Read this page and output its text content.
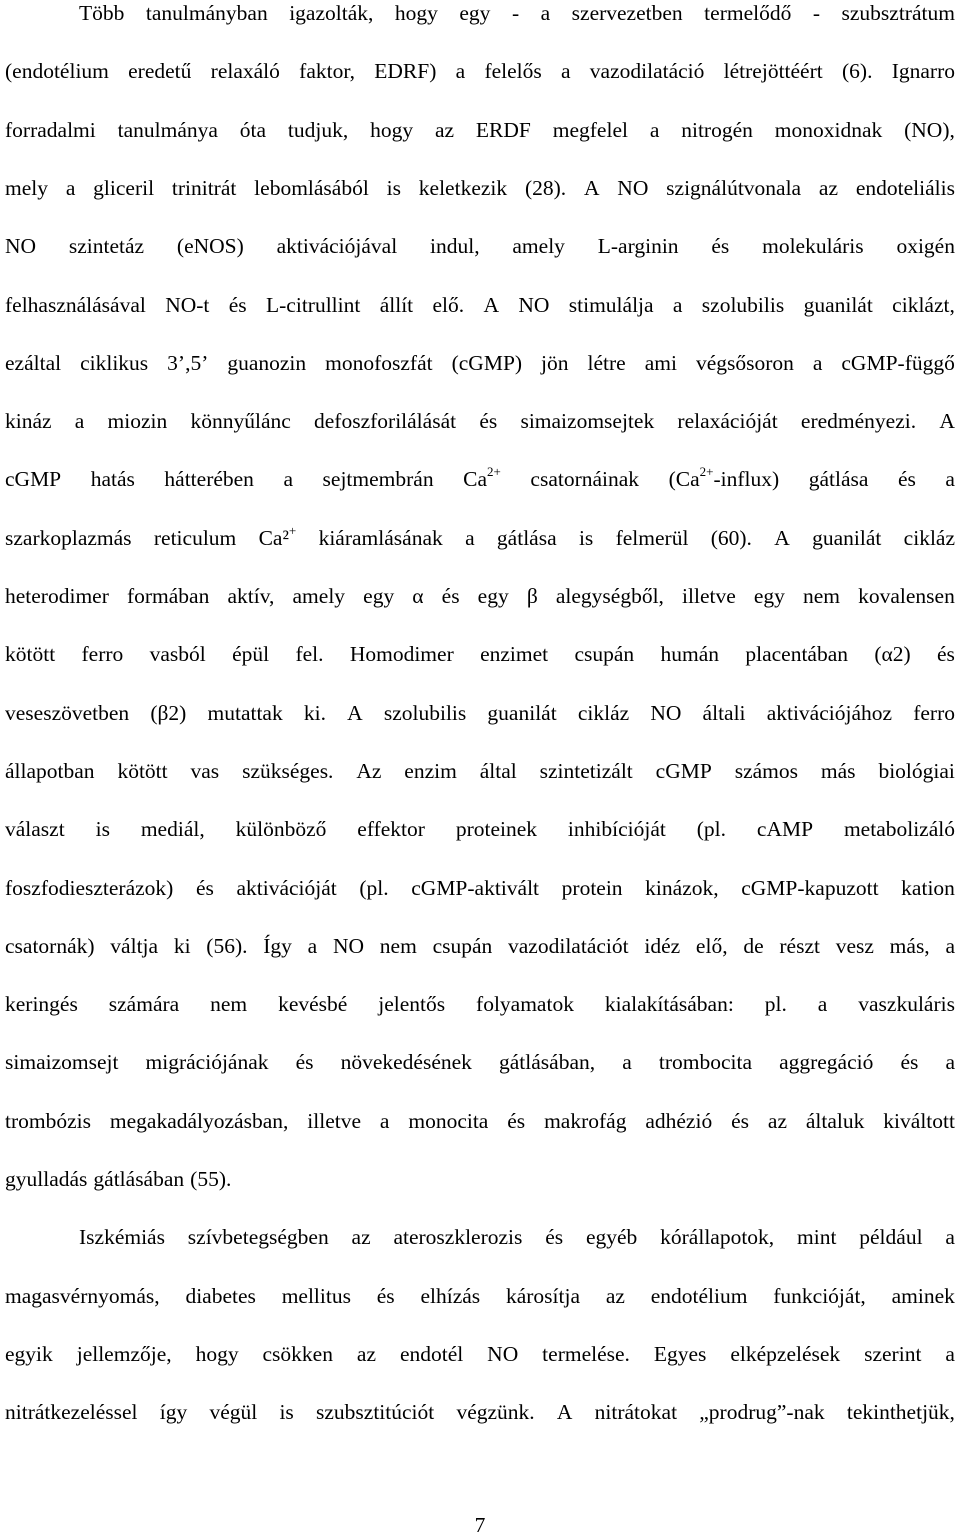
Több tanulmányban igazolták, hogy egy - a szervezetben termelődő - szubsztrátum
(endotélium eredetű relaxáló faktor, EDRF) a felelős a vazodilatáció létrejöttéért (6). Ignarro
forradalmi tanulmánya óta tudjuk, hogy az ERDF megfelel a nitrogén monoxidnak (NO),
mely a gliceril trinitrát lebomlásából is keletkezik (28). A NO szignálútvonala az endoteliális
NO szintetáz (eNOS) aktivációjával indul, amely L-arginin és molekuláris oxigén
felhasználásával NO-t és L-citrullint állít elő. A NO stimulálja a szolubilis guanilát ciklázt,
ezáltal ciklikus 3’,5’ guanozin monofoszfát (cGMP) jön létre ami végsősoron a cGMP-függő
kináz a miozin könnyűlánc defoszforilálását és simaizomsejtek relaxációját eredményezi. A
cGMP hatás hátterében a sejtmembrán $Ca^{2+}$ csatornáinak $(Ca^{2+}-influx)$ gátlása és a
szarkoplazmás reticulum Ca²+ kiáramlásának a gátlása is felmerül (60). A guanilát cikláz
heterodimer formában aktív, amely egy α és egy β alegységből, illetve egy nem kovalensen
kötött ferro vasból épül fel. Homodimer enzimet csupán humán placentában (α2) és
veseszövetben (β2) mutattak ki. A szolubilis guanilát cikláz NO általi aktivációjához ferro
állapotban kötött vas szükséges. Az enzim által szintetizált cGMP számos más biológiai
választ is mediál, különböző effektor proteinek inhibícióját (pl. cAMP metabolizáló
foszfodieszterázok) és aktivációját (pl. cGMP-aktivált protein kinázok, cGMP-kapuzott kation
csatornák) váltja ki (56). Így a NO nem csupán vazodilatációt idéz elő, de részt vesz más, a
keringés számára nem kevésbé jelentős folyamatok kialakításában: pl. a vaszkuláris
simaizomsejt migrációjának és növekedésének gátlásában, a trombocita aggregáció és a
trombózis megakadályozásban, illetve a monocita és makrofág adhézió és az általuk kiváltott
gyulladás gátlásában (55).
Iszkémiás szívbetegségben az ateroszklerozis és egyéb kórállapotok, mint például a
magasvérnyomás, diabetes mellitus és elhízás károsítja az endotélium funkcióját, aminek
egyik jellemzője, hogy csökken az endotél NO termelése. Egyes elképzelések szerint a
nitrátkezeléssel így végül is szubsztitúciót végzünk. A nitrátokat „prodrug”-nak tekinthetjük,
7
